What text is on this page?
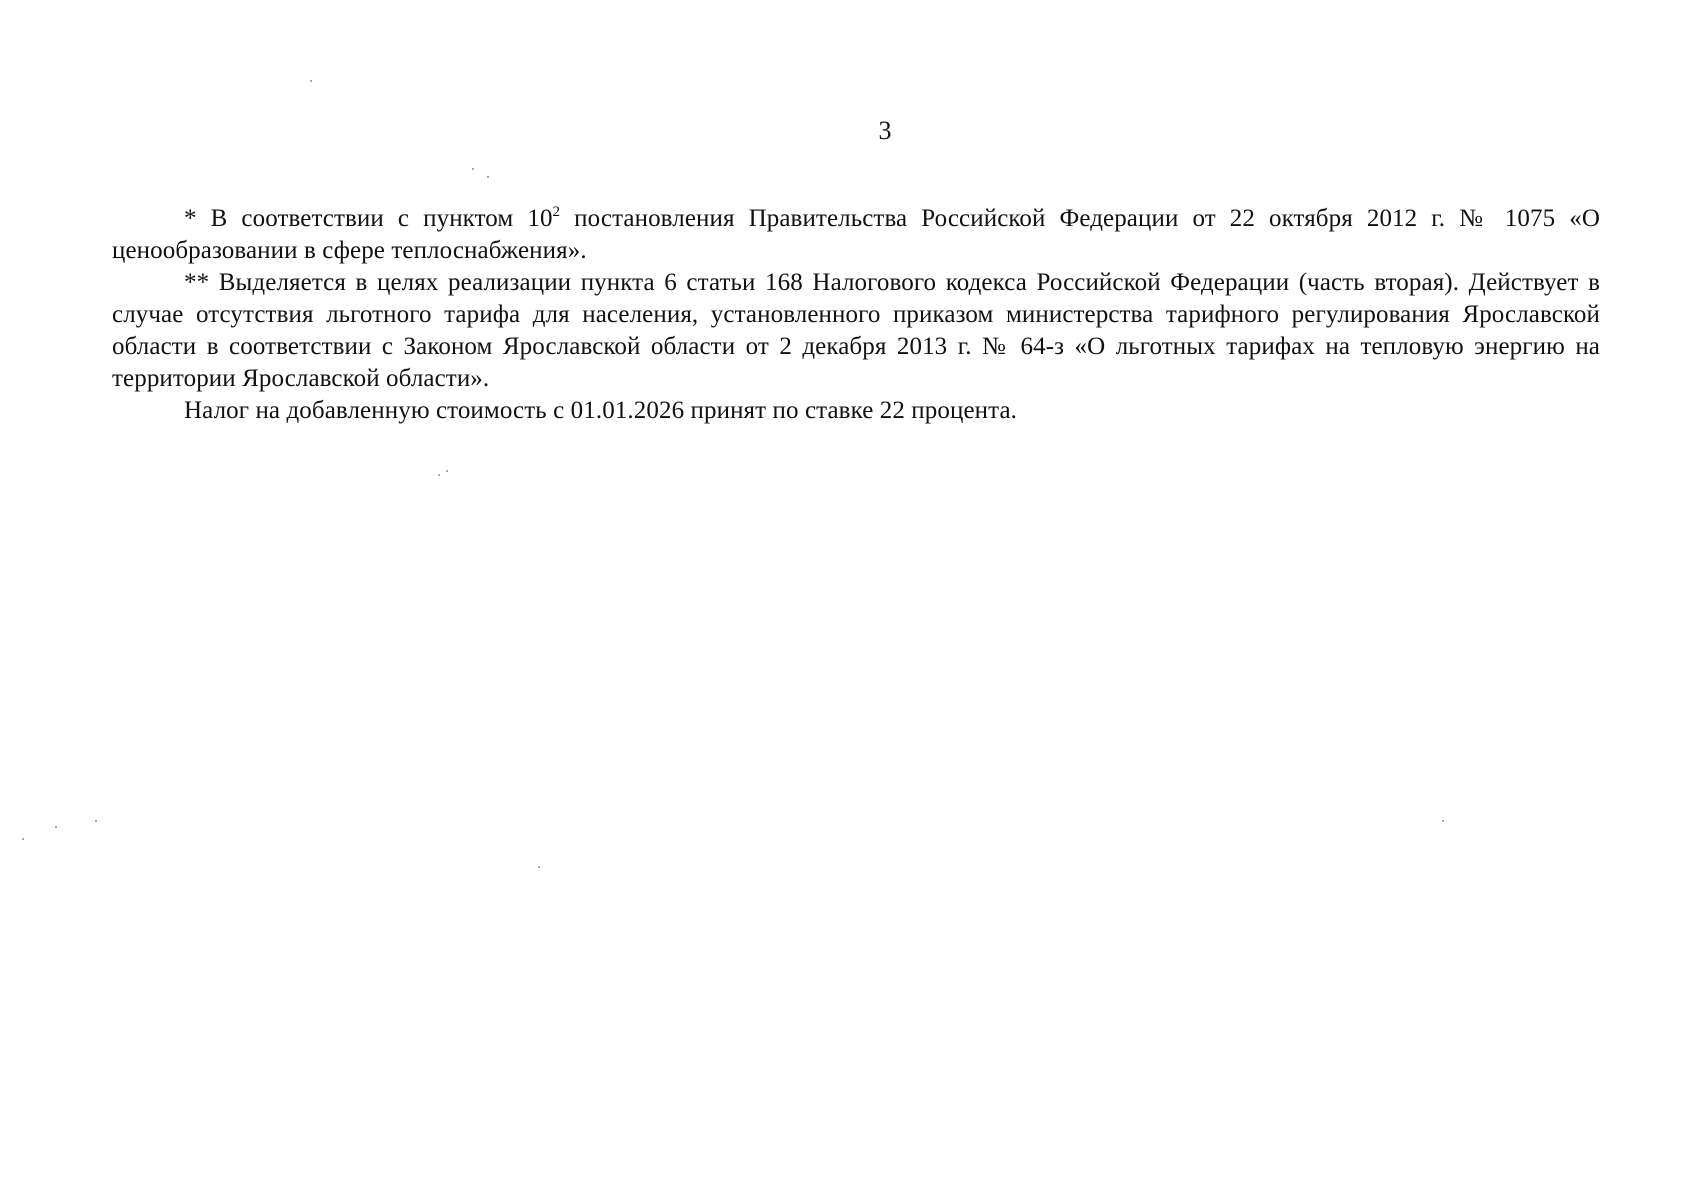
3

* В соответствии с пунктом $10^2$ постановления Правительства Российской Федерации от 22 октября 2012 г. № 1075 «О ценообразовании в сфере теплоснабжения».

** Выделяется в целях реализации пункта 6 статьи 168 Налогового кодекса Российской Федерации (часть вторая). Действует в случае отсутствия льготного тарифа для населения, установленного приказом министерства тарифного регулирования Ярославской области в соответствии с Законом Ярославской области от 2 декабря 2013 г. № 64-з «О льготных тарифах на тепловую энергию на территории Ярославской области».

Налог на добавленную стоимость с 01.01.2026 принят по ставке 22 процента.
